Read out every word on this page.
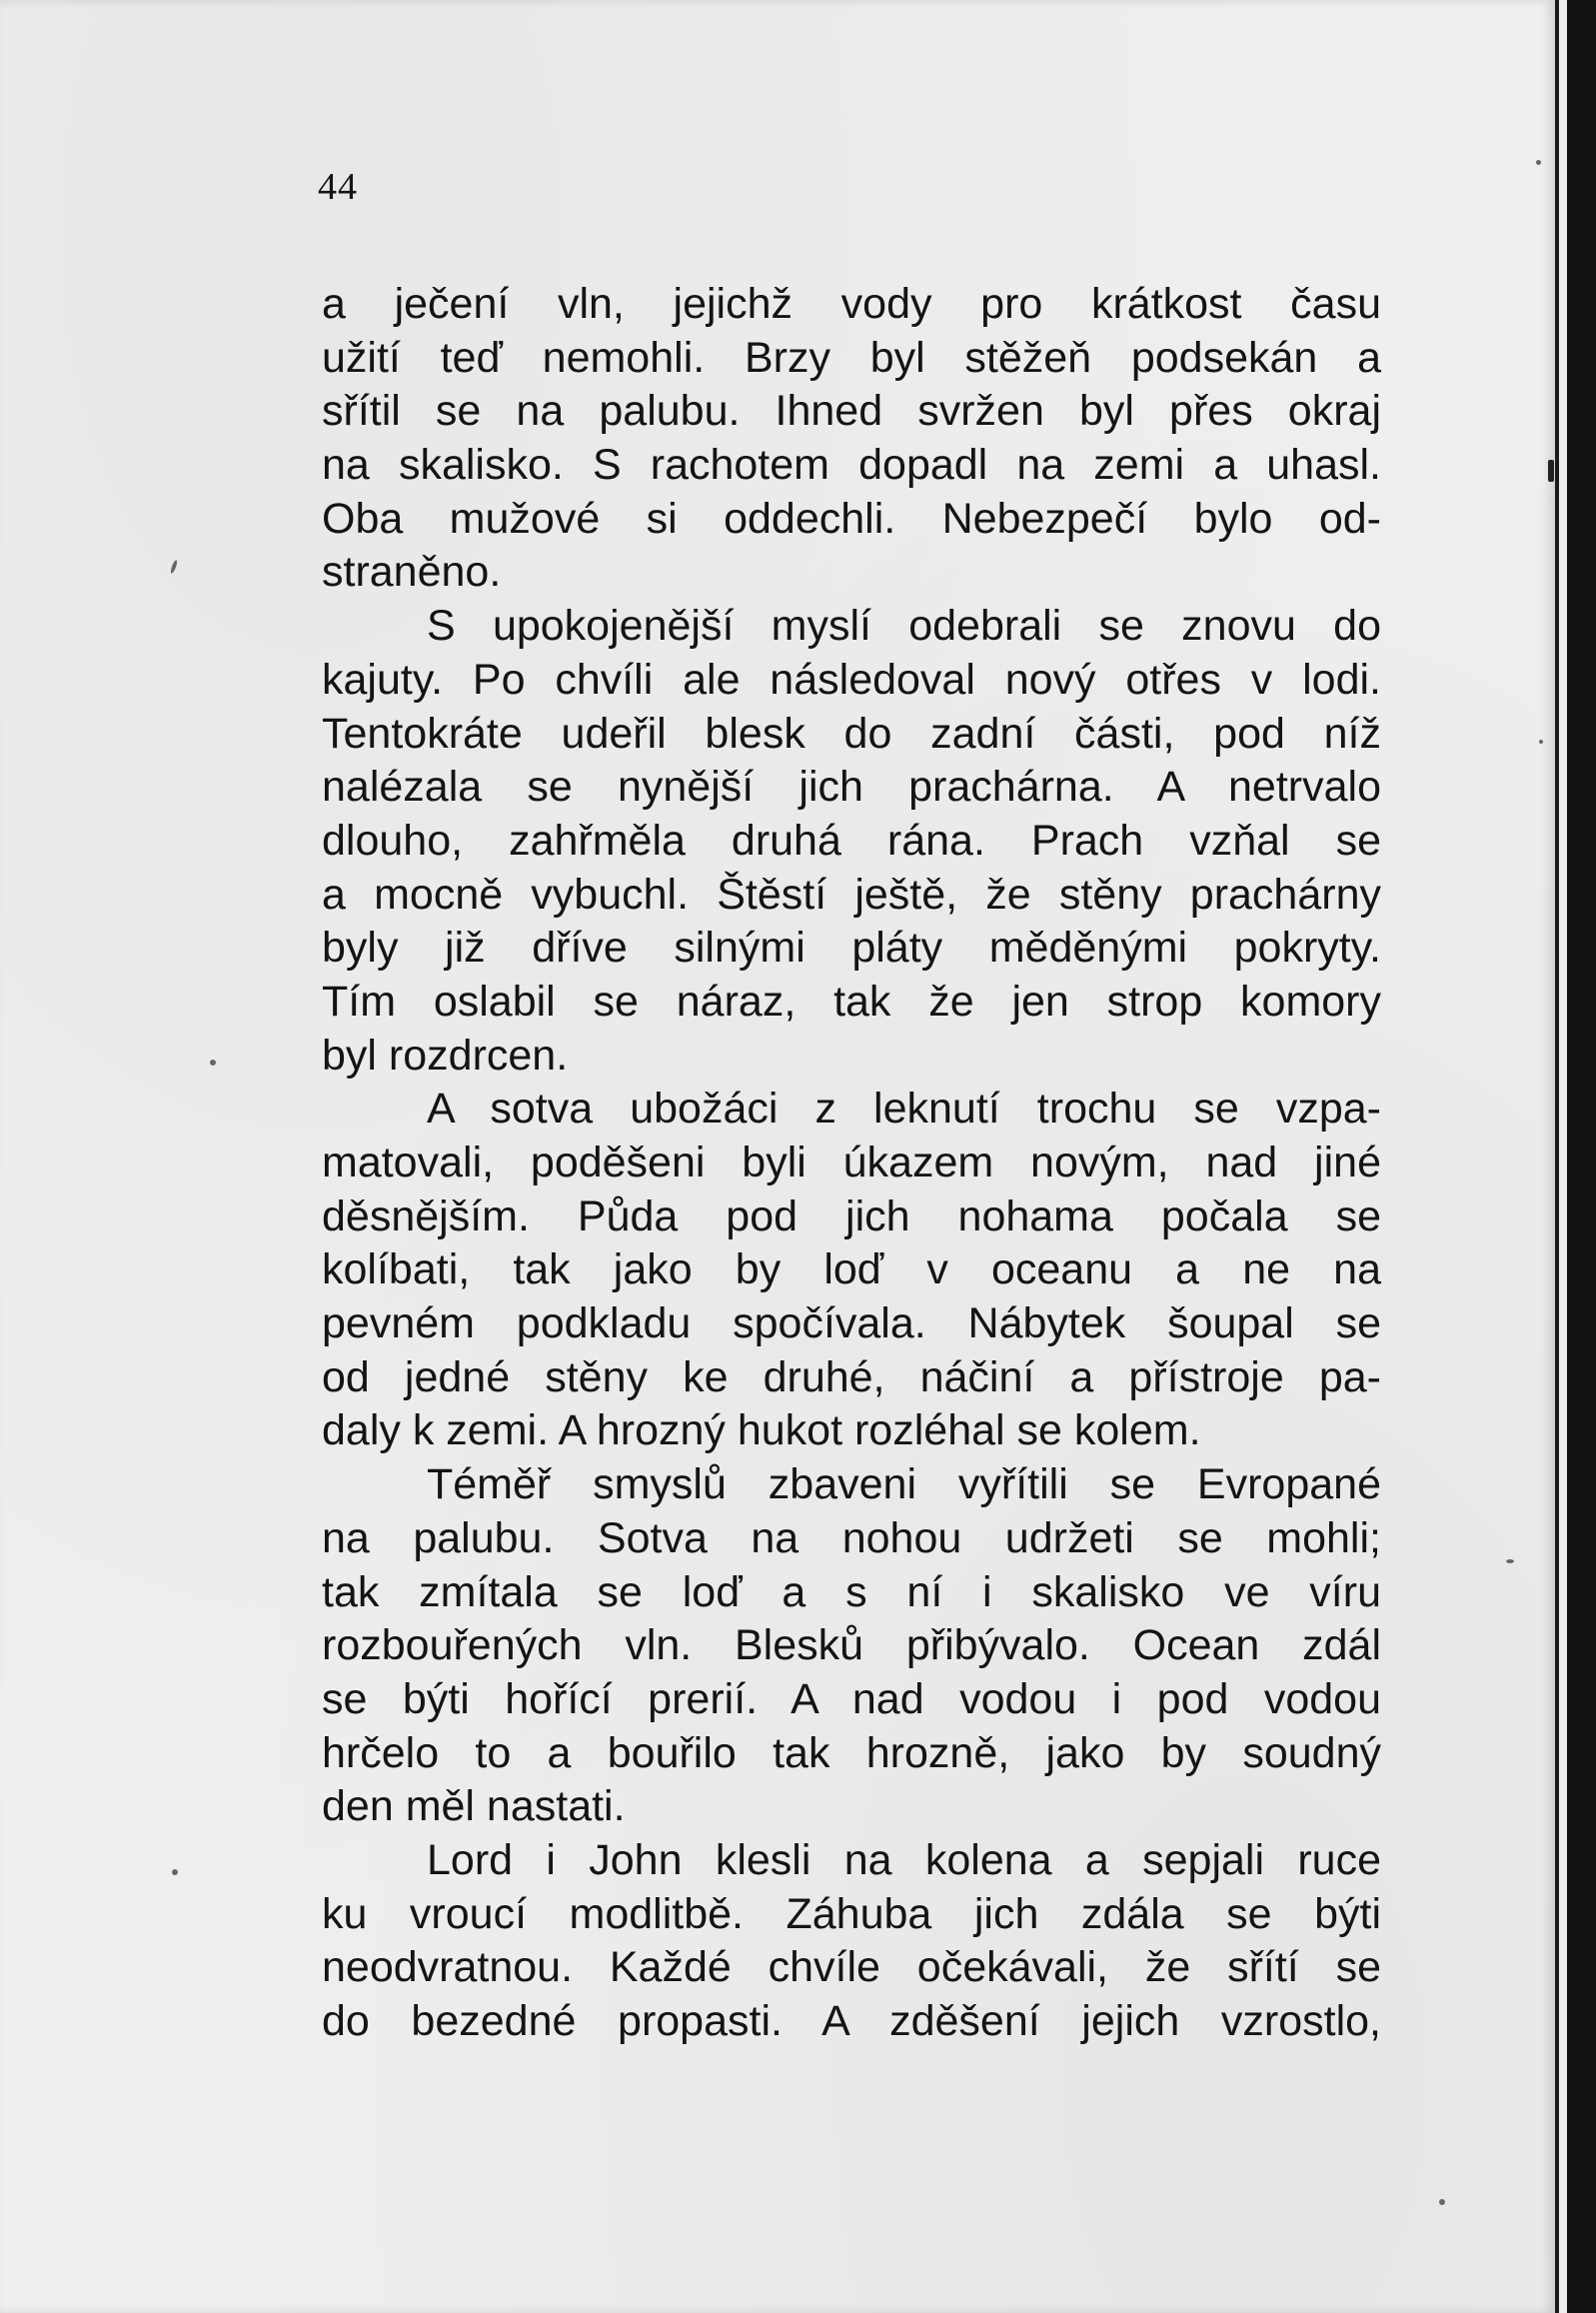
44
a ječení vln, jejichž vody pro krátkost času
užití teď nemohli. Brzy byl stěžeň podsekán a
sřítil se na palubu. Ihned svržen byl přes okraj
na skalisko. S rachotem dopadl na zemi a uhasl.
Oba mužové si oddechli. Nebezpečí bylo od-
straněno.
S upokojenější myslí odebrali se znovu do
kajuty. Po chvíli ale následoval nový otřes v lodi.
Tentokráte udeřil blesk do zadní části, pod níž
nalézala se nynější jich prachárna. A netrvalo
dlouho, zahřměla druhá rána. Prach vzňal se
a mocně vybuchl. Štěstí ještě, že stěny prachárny
byly již dříve silnými pláty měděnými pokryty.
Tím oslabil se náraz, tak že jen strop komory
byl rozdrcen.
A sotva ubožáci z leknutí trochu se vzpa-
matovali, poděšeni byli úkazem novým, nad jiné
děsnějším. Půda pod jich nohama počala se
kolíbati, tak jako by loď v oceanu a ne na
pevném podkladu spočívala. Nábytek šoupal se
od jedné stěny ke druhé, náčiní a přístroje pa-
daly k zemi. A hrozný hukot rozléhal se kolem.
Téměř smyslů zbaveni vyřítili se Evropané
na palubu. Sotva na nohou udržeti se mohli;
tak zmítala se loď a s ní i skalisko ve víru
rozbouřených vln. Blesků přibývalo. Ocean zdál
se býti hořící prerií. A nad vodou i pod vodou
hrčelo to a bouřilo tak hrozně, jako by soudný
den měl nastati.
Lord i John klesli na kolena a sepjali ruce
ku vroucí modlitbě. Záhuba jich zdála se býti
neodvratnou. Každé chvíle očekávali, že sřítí se
do bezedné propasti. A zděšení jejich vzrostlo,
